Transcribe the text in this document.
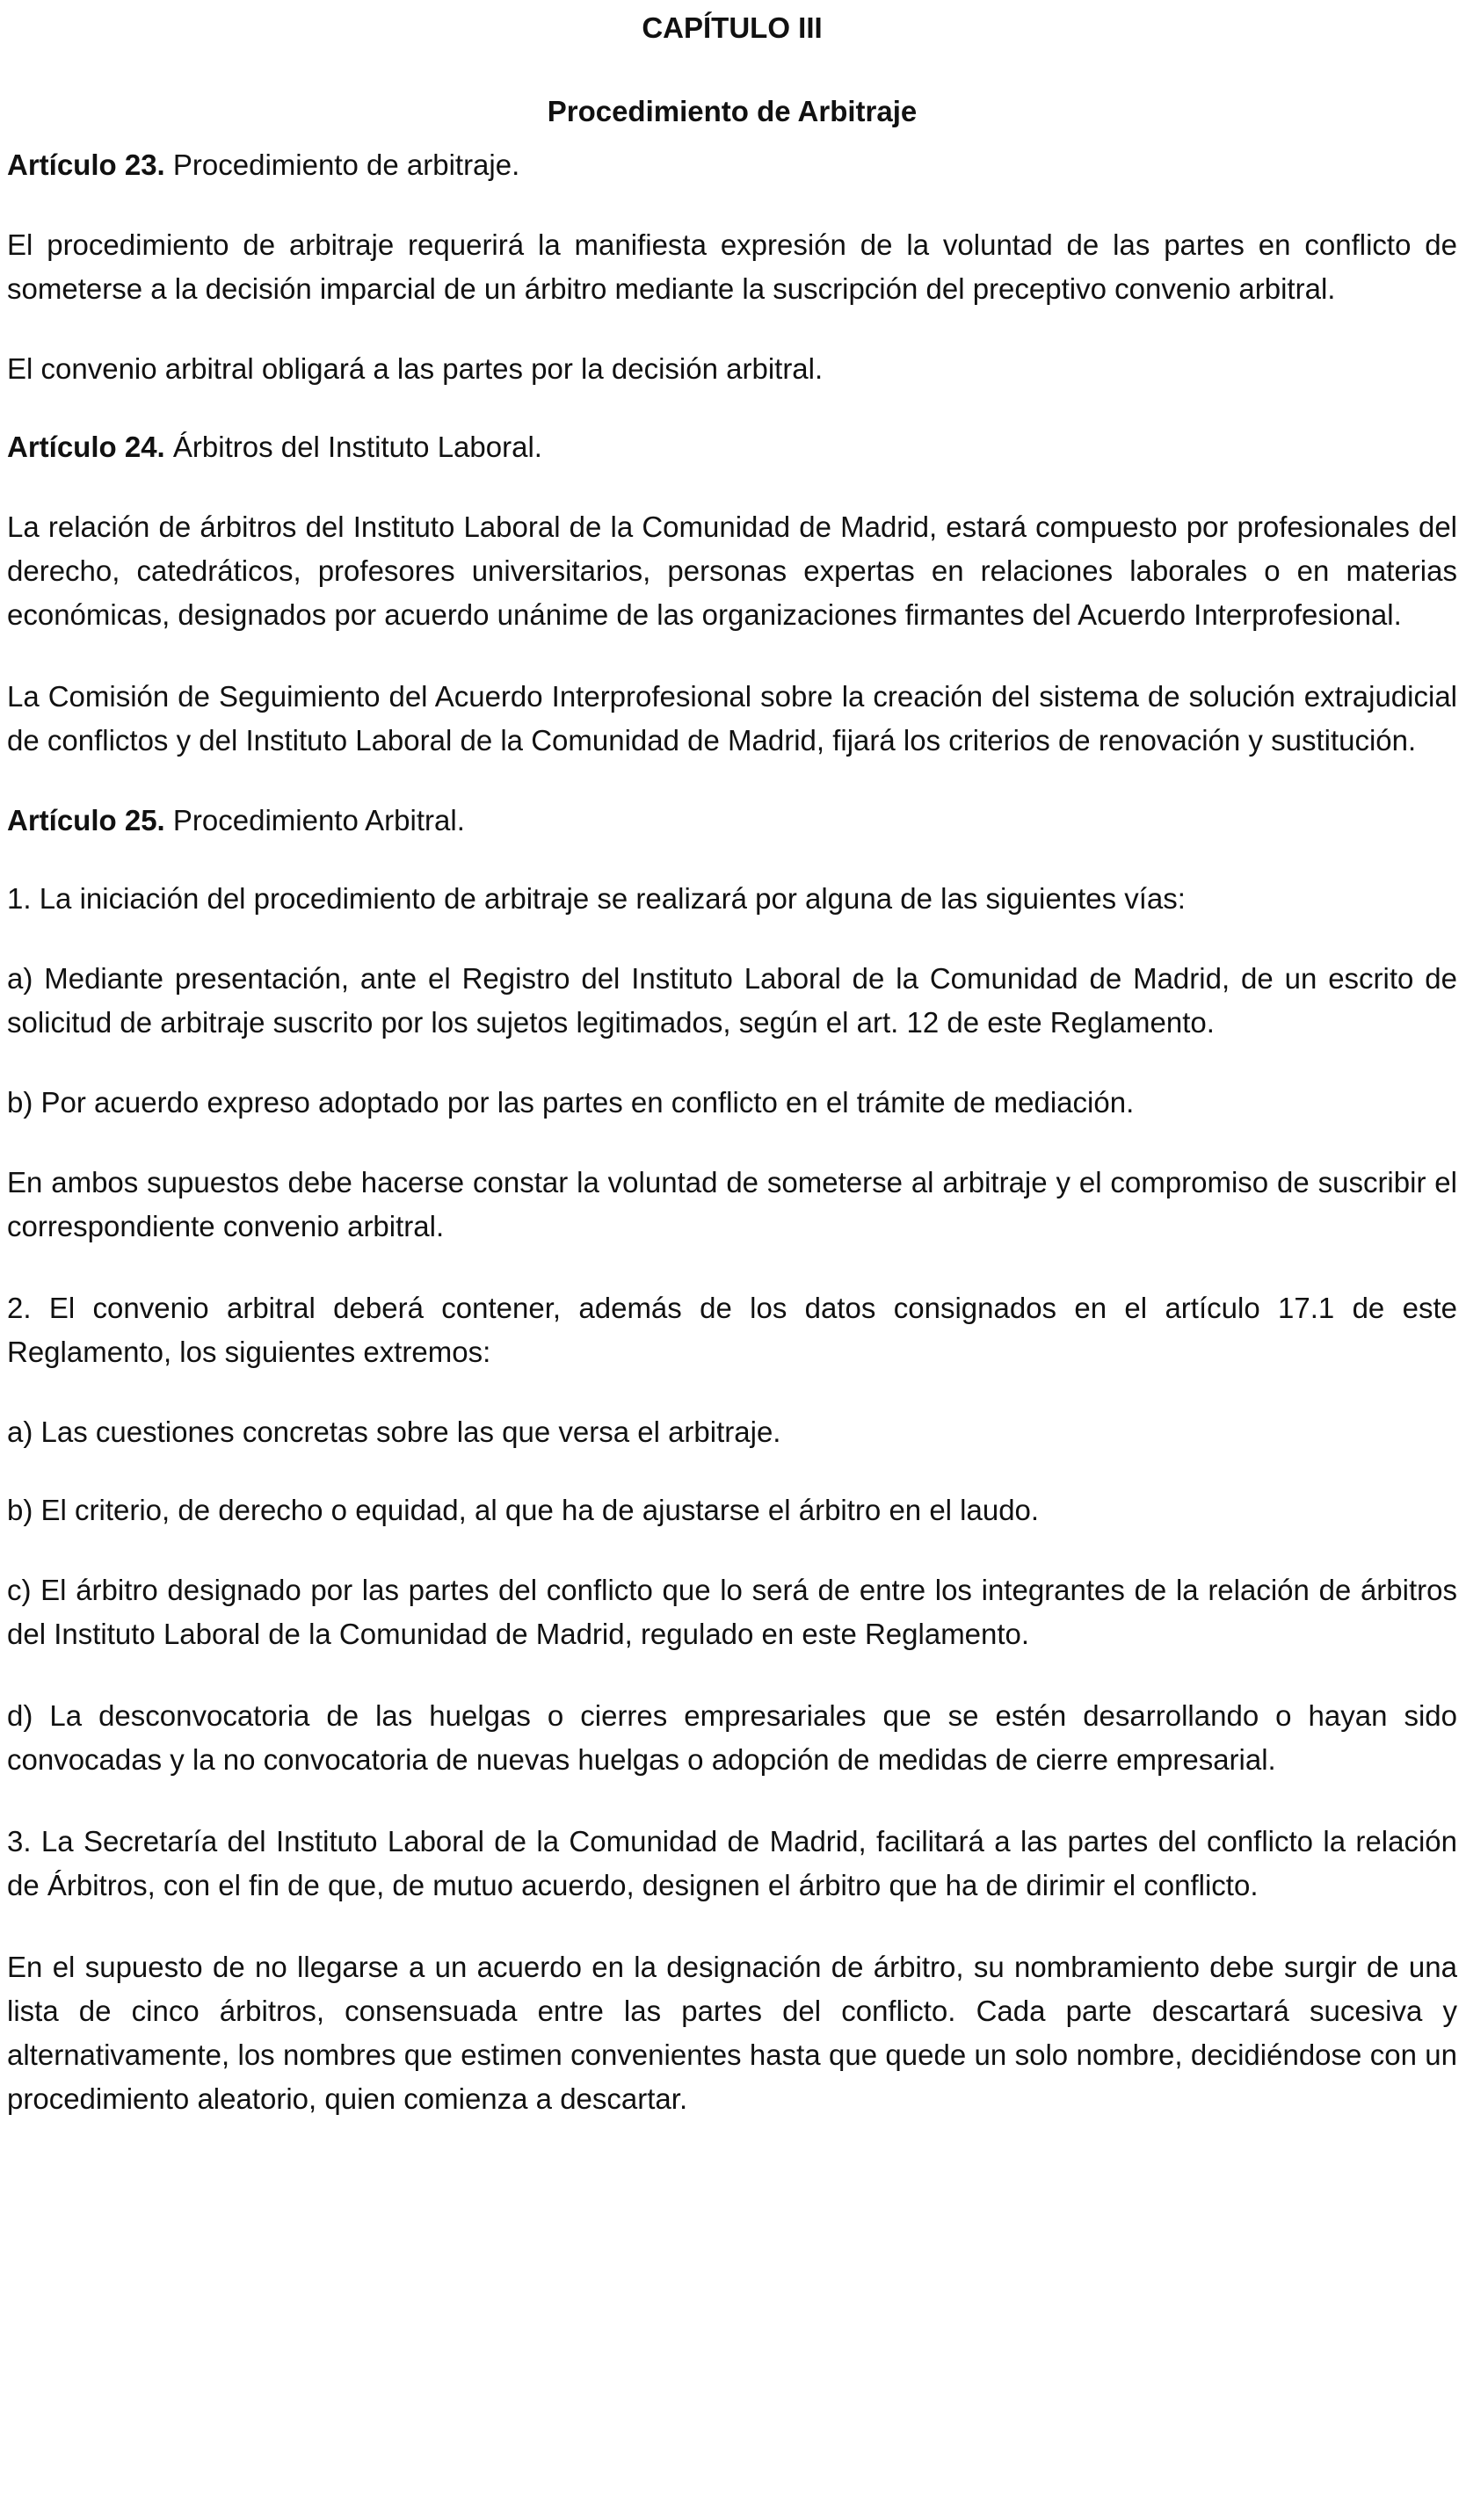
CAPÍTULO III
Procedimiento de Arbitraje

Artículo 23. Procedimiento de arbitraje.

El procedimiento de arbitraje requerirá la manifiesta expresión de la voluntad de las partes en conflicto de someterse a la decisión imparcial de un árbitro mediante la suscripción del preceptivo convenio arbitral.

El convenio arbitral obligará a las partes por la decisión arbitral.

Artículo 24. Árbitros del Instituto Laboral.

La relación de árbitros del Instituto Laboral de la Comunidad de Madrid, estará compuesto por profesionales del derecho, catedráticos, profesores universitarios, personas expertas en relaciones laborales o en materias económicas, designados por acuerdo unánime de las organizaciones firmantes del Acuerdo Interprofesional.

La Comisión de Seguimiento del Acuerdo Interprofesional sobre la creación del sistema de solución extrajudicial de conflictos y del Instituto Laboral de la Comunidad de Madrid, fijará los criterios de renovación y sustitución.

Artículo 25. Procedimiento Arbitral.

1. La iniciación del procedimiento de arbitraje se realizará por alguna de las siguientes vías:

a) Mediante presentación, ante el Registro del Instituto Laboral de la Comunidad de Madrid, de un escrito de solicitud de arbitraje suscrito por los sujetos legitimados, según el art. 12 de este Reglamento.

b) Por acuerdo expreso adoptado por las partes en conflicto en el trámite de mediación.

En ambos supuestos debe hacerse constar la voluntad de someterse al arbitraje y el compromiso de suscribir el correspondiente convenio arbitral.

2. El convenio arbitral deberá contener, además de los datos consignados en el artículo 17.1 de este Reglamento, los siguientes extremos:

a) Las cuestiones concretas sobre las que versa el arbitraje.

b) El criterio, de derecho o equidad, al que ha de ajustarse el árbitro en el laudo.

c) El árbitro designado por las partes del conflicto que lo será de entre los integrantes de la relación de árbitros del Instituto Laboral de la Comunidad de Madrid, regulado en este Reglamento.

d) La desconvocatoria de las huelgas o cierres empresariales que se estén desarrollando o hayan sido convocadas y la no convocatoria de nuevas huelgas o adopción de medidas de cierre empresarial.

3. La Secretaría del Instituto Laboral de la Comunidad de Madrid, facilitará a las partes del conflicto la relación de Árbitros, con el fin de que, de mutuo acuerdo, designen el árbitro que ha de dirimir el conflicto.

En el supuesto de no llegarse a un acuerdo en la designación de árbitro, su nombramiento debe surgir de una lista de cinco árbitros, consensuada entre las partes del conflicto. Cada parte descartará sucesiva y alternativamente, los nombres que estimen convenientes hasta que quede un solo nombre, decidiéndose con un procedimiento aleatorio, quien comienza a descartar.
